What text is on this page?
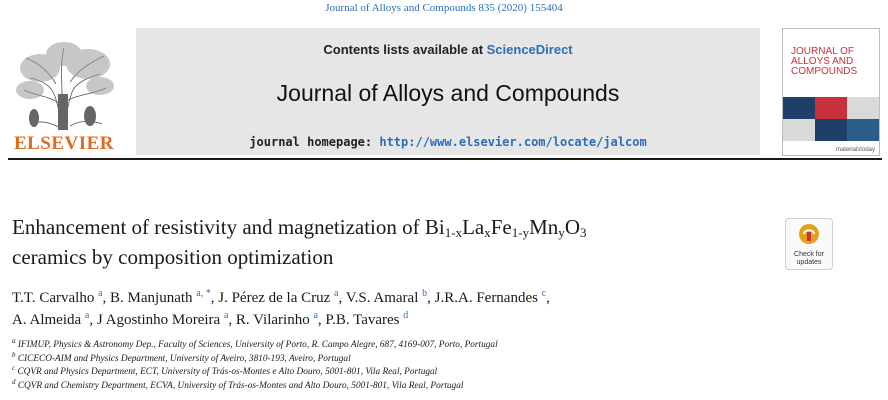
Journal of Alloys and Compounds 835 (2020) 155404
ELSEVIER
Contents lists available at ScienceDirect
Journal of Alloys and Compounds
journal homepage: http://www.elsevier.com/locate/jalcom
JOURNAL OF
ALLOYS AND
COMPOUNDS
materialstoday
Enhancement of resistivity and magnetization of $Bi_{1-x}La_xFe_{1-y}Mn_yO_3$
ceramics by composition optimization	Check for
updates
T.T. Carvalho $^a$, B. Manjunath $^{a, *}$, J. Pérez de la Cruz $^a$, V.S. Amaral $^b$, J.R.A. Fernandes $^c$,
A. Almeida $^a$, J Agostinho Moreira $^a$, R. Vilarinho $^a$, P.B. Tavares $^d$
$^a$ IFIMUP, Physics & Astronomy Dep., Faculty of Sciences, University of Porto, R. Campo Alegre, 687, 4169-007, Porto, Portugal
$^b$ CICECO-AIM and Physics Department, University of Aveiro, 3810-193, Aveiro, Portugal
$^c$ CQVR and Physics Department, ECT, University of Trás-os-Montes e Alto Douro, 5001-801, Vila Real, Portugal
$^d$ CQVR and Chemistry Department, ECVA, University of Trás-os-Montes and Alto Douro, 5001-801, Vila Real, Portugal
